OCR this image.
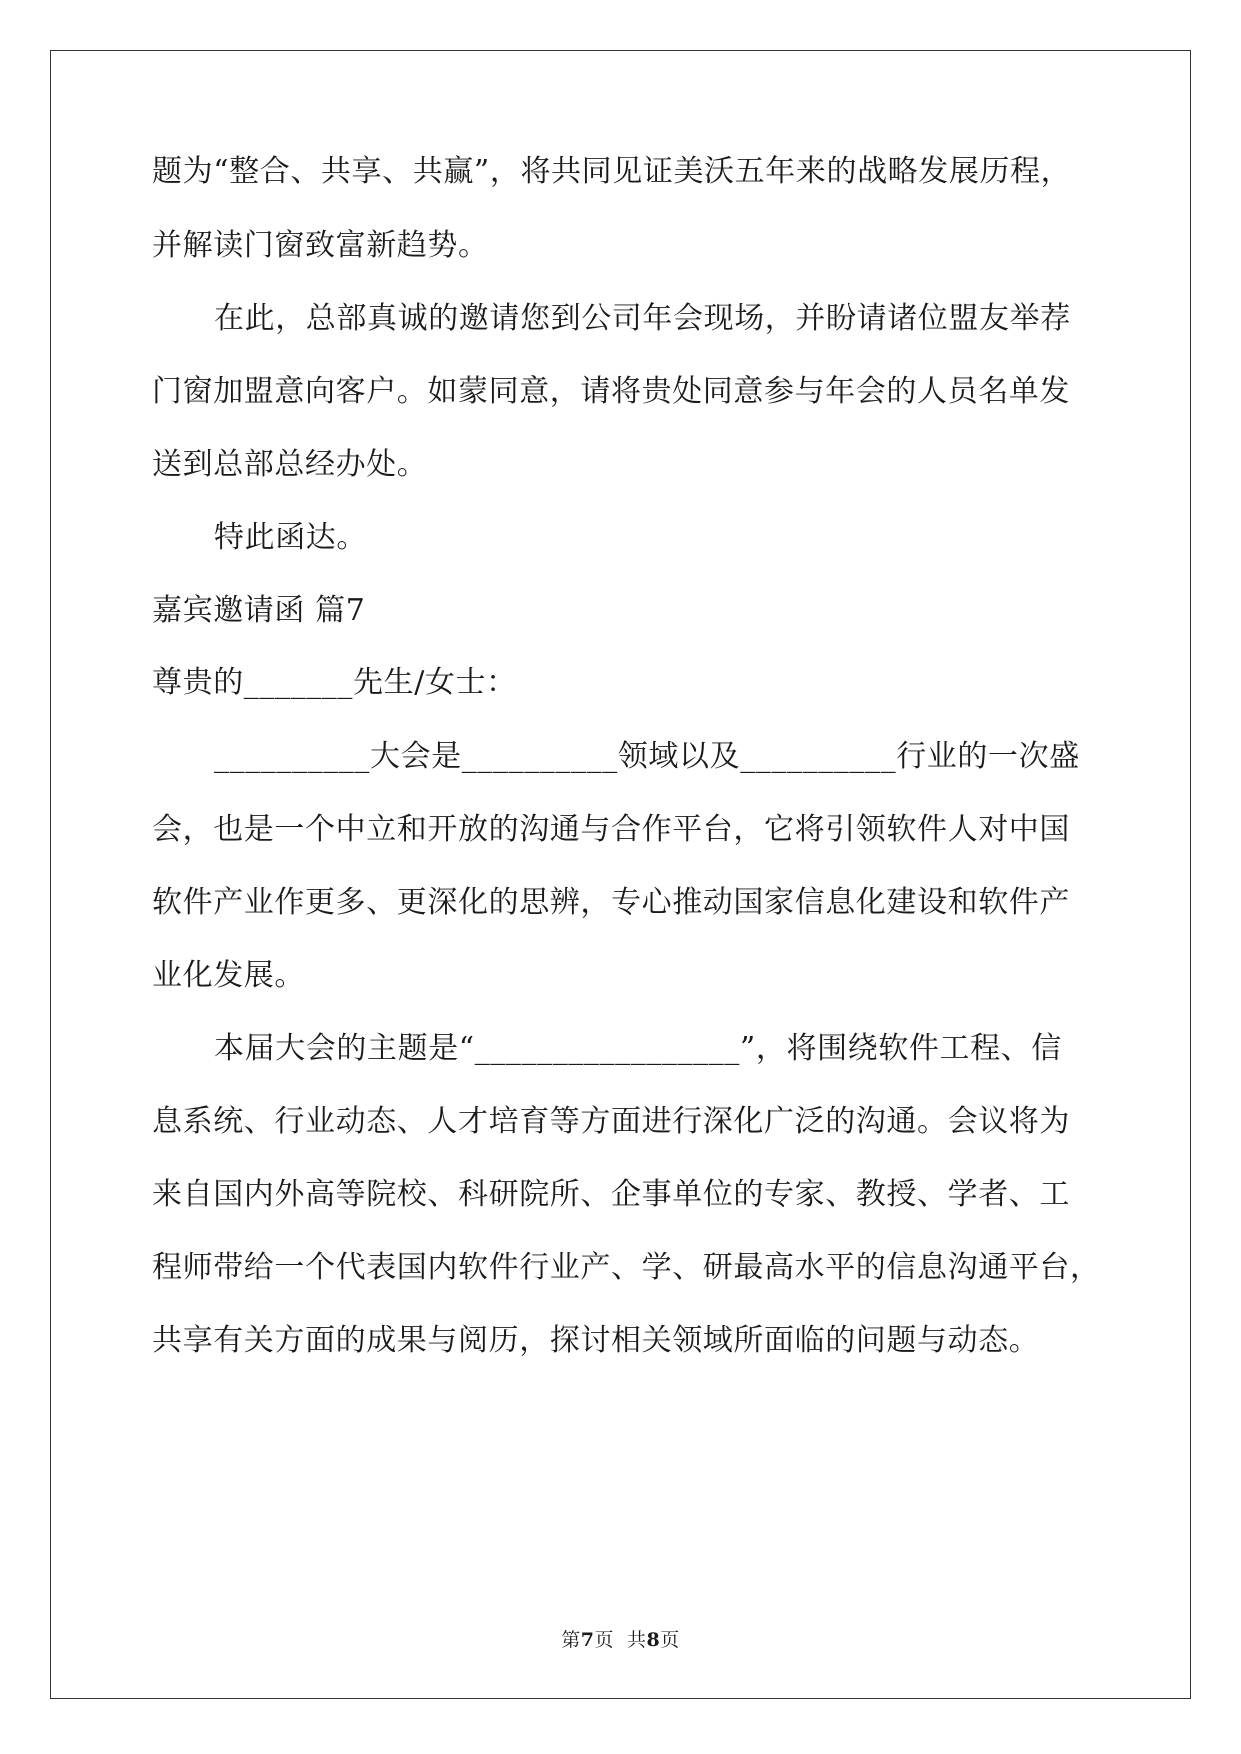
题为“整合、共享、共赢”，将共同见证美沃五年来的战略发展历程，
并解读门窗致富新趋势。
在此，总部真诚的邀请您到公司年会现场，并盼请诸位盟友举荐
门窗加盟意向客户。如蒙同意，请将贵处同意参与年会的人员名单发
送到总部总经办处。
特此函达。
嘉宾邀请函 篇7
尊贵的_______先生/女士：
__________大会是__________领域以及__________行业的一次盛
会，也是一个中立和开放的沟通与合作平台，它将引领软件人对中国
软件产业作更多、更深化的思辨，专心推动国家信息化建设和软件产
业化发展。
本届大会的主题是“_________________”，将围绕软件工程、信
息系统、行业动态、人才培育等方面进行深化广泛的沟通。会议将为
来自国内外高等院校、科研院所、企事单位的专家、教授、学者、工
程师带给一个代表国内软件行业产、学、研最高水平的信息沟通平台，
共享有关方面的成果与阅历，探讨相关领域所面临的问题与动态。
第7页  共8页
